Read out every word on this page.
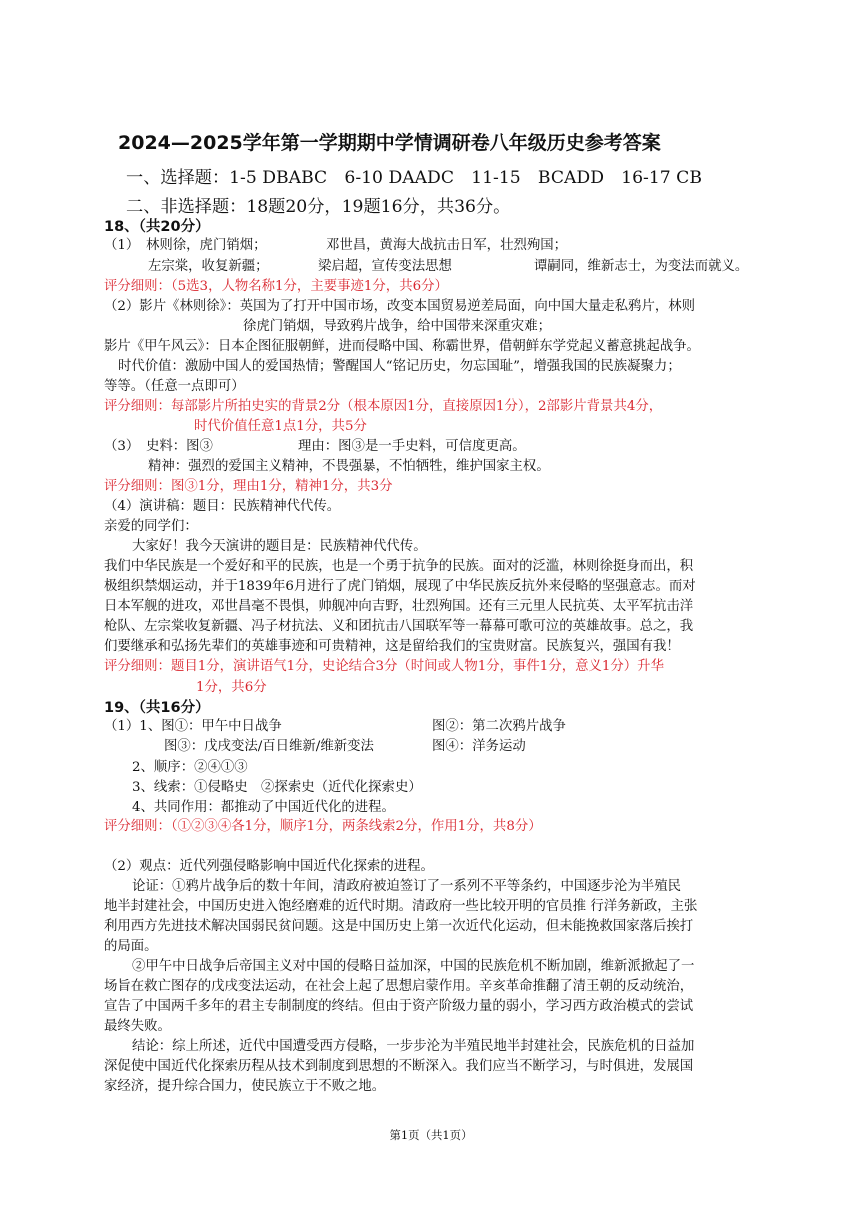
2024—2025学年第一学期期中学情调研卷八年级历史参考答案
一、选择题：1-5 DBABC　6-10 DAADC　11-15　BCADD　16-17 CB
二、非选择题：18题20分，19题16分，共36分。
18、（共20分）
（1）　林则徐，虎门销烟；	邓世昌，黄海大战抗击日军，壮烈殉国；
左宗棠，收复新疆；	梁启超，宣传变法思想	谭嗣同，维新志士，为变法而就义。
评分细则：（5选3，人物名称1分，主要事迹1分，共6分）
（2）影片《林则徐》：英国为了打开中国市场，改变本国贸易逆差局面，向中国大量走私鸦片，林则
徐虎门销烟，导致鸦片战争，给中国带来深重灾难；
影片《甲午风云》：日本企图征服朝鲜，进而侵略中国、称霸世界，借朝鲜东学党起义蓄意挑起战争。
时代价值：激励中国人的爱国热情；警醒国人“铭记历史，勿忘国耻”，增强我国的民族凝聚力；
等等。（任意一点即可）
评分细则：每部影片所拍史实的背景2分（根本原因1分，直接原因1分），2部影片背景共4分，
时代价值任意1点1分，共5分
（3）　史料：图③	理由：图③是一手史料，可信度更高。
精神：强烈的爱国主义精神，不畏强暴，不怕牺牲，维护国家主权。
评分细则：图③1分，理由1分，精神1分，共3分
（4）演讲稿：题目：民族精神代代传。
亲爱的同学们：
大家好！我今天演讲的题目是：民族精神代代传。
我们中华民族是一个爱好和平的民族，也是一个勇于抗争的民族。面对的泛滥，林则徐挺身而出，积
极组织禁烟运动，并于1839年6月进行了虎门销烟，展现了中华民族反抗外来侵略的坚强意志。而对
日本军舰的进攻，邓世昌毫不畏惧，帅舰冲向吉野，壮烈殉国。还有三元里人民抗英、太平军抗击洋
枪队、左宗棠收复新疆、冯子材抗法、义和团抗击八国联军等一幕幕可歌可泣的英雄故事。总之，我
们要继承和弘扬先辈们的英雄事迹和可贵精神，这是留给我们的宝贵财富。民族复兴，强国有我！
评分细则：题目1分，演讲语气1分，史论结合3分（时间或人物1分，事件1分，意义1分）升华
1分，共6分
19、（共16分）
（1）1、图①：甲午中日战争	图②：第二次鸦片战争
图③：戊戌变法/百日维新/维新变法	图④：洋务运动
2、顺序：②④①③
3、线索：①侵略史　②探索史（近代化探索史）
4、共同作用：都推动了中国近代化的进程。
评分细则：（①②③④各1分，顺序1分，两条线索2分，作用1分，共8分）
（2）观点：近代列强侵略影响中国近代化探索的进程。
论证：①鸦片战争后的数十年间，清政府被迫签订了一系列不平等条约，中国逐步沦为半殖民
地半封建社会，中国历史进入饱经磨难的近代时期。清政府一些比较开明的官员推 行洋务新政，主张
利用西方先进技术解决国弱民贫问题。这是中国历史上第一次近代化运动，但未能挽救国家落后挨打
的局面。
②甲午中日战争后帝国主义对中国的侵略日益加深，中国的民族危机不断加剧，维新派掀起了一
场旨在救亡图存的戊戌变法运动，在社会上起了思想启蒙作用。辛亥革命推翻了清王朝的反动统治，
宣告了中国两千多年的君主专制制度的终结。但由于资产阶级力量的弱小，学习西方政治模式的尝试
最终失败。
结论：综上所述，近代中国遭受西方侵略，一步步沦为半殖民地半封建社会，民族危机的日益加
深促使中国近代化探索历程从技术到制度到思想的不断深入。我们应当不断学习，与时俱进，发展国
家经济，提升综合国力，使民族立于不败之地。
第1页（共1页）
